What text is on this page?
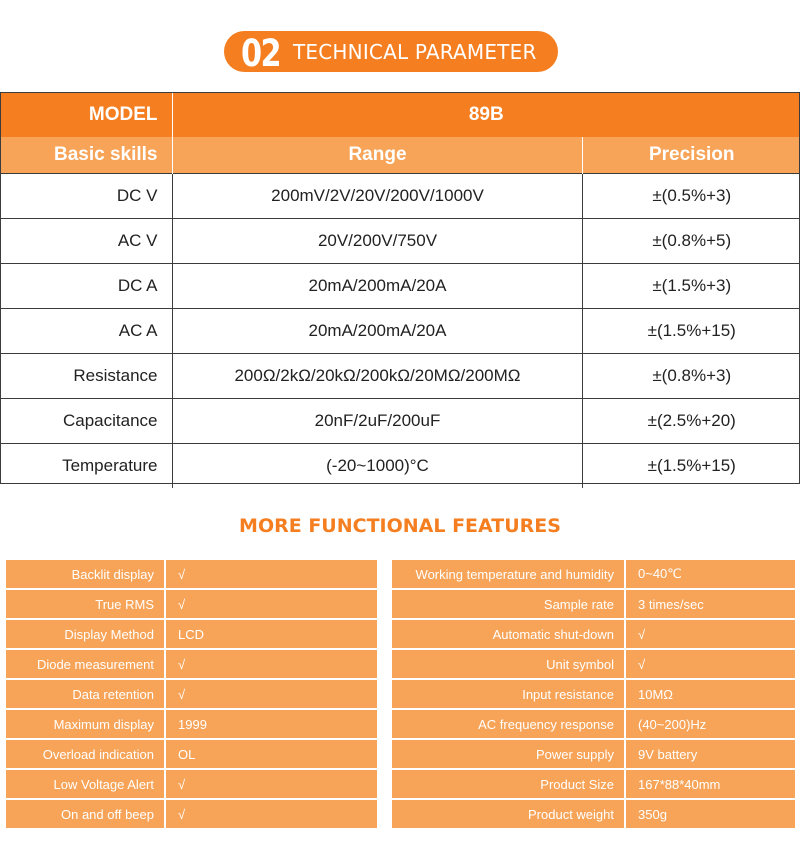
02 TECHNICAL PARAMETER
MODEL	89B	
Basic skills	Range	Precision
DC V	200mV/2V/20V/200V/1000V	±(0.5%+3)
AC V	20V/200V/750V	±(0.8%+5)
DC A	20mA/200mA/20A	±(1.5%+3)
AC A	20mA/200mA/20A	±(1.5%+15)
Resistance	200Ω/2kΩ/20kΩ/200kΩ/20MΩ/200MΩ	±(0.8%+3)
Capacitance	20nF/2uF/200uF	±(2.5%+20)
Temperature	(-20~1000)°C	±(1.5%+15)
MORE FUNCTIONAL FEATURES
Backlit display	√
True RMS	√
Display Method	LCD
Diode measurement	√
Data retention	√
Maximum display	1999
Overload indication	OL
Low Voltage Alert	√
On and off beep	√
Working temperature and humidity	0~40℃
Sample rate	3 times/sec
Automatic shut-down	√
Unit symbol	√
Input resistance	10MΩ
AC frequency response	(40~200)Hz
Power supply	9V battery
Product Size	167*88*40mm
Product weight	350g
